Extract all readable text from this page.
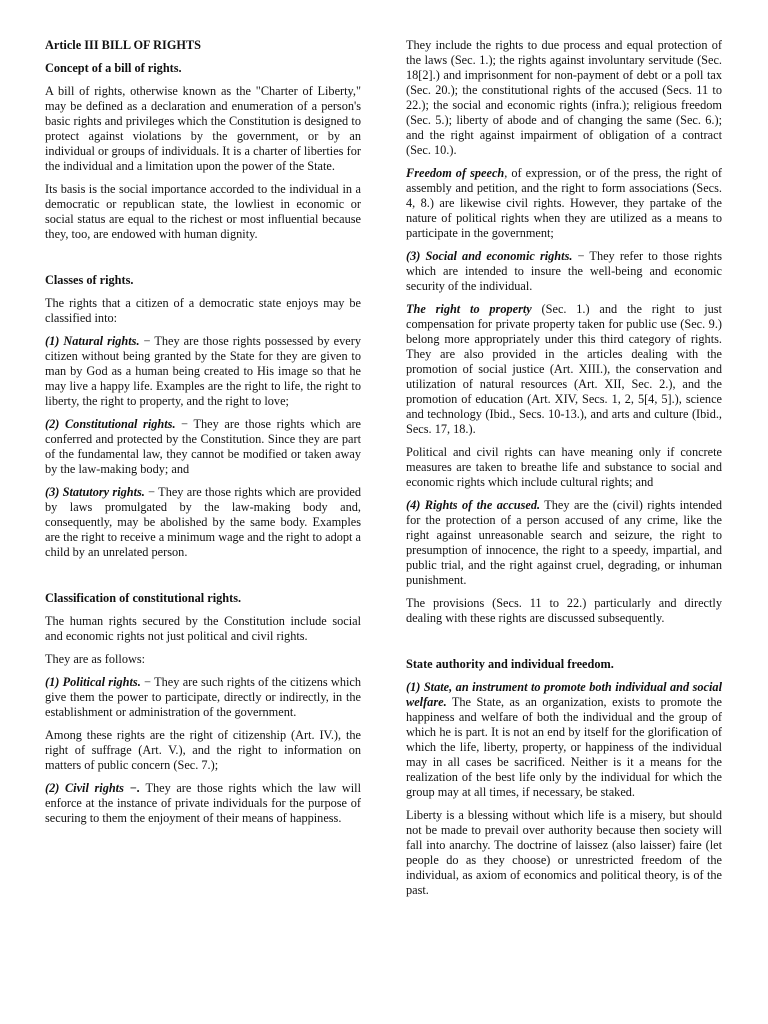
Article III BILL OF RIGHTS
Concept of a bill of rights.

A bill of rights, otherwise known as the "Charter of Liberty," may be defined as a declaration and enumeration of a person's basic rights and privileges which the Constitution is designed to protect against violations by the government, or by an individual or groups of individuals. It is a charter of liberties for the individual and a limitation upon the power of the State.

Its basis is the social importance accorded to the individual in a democratic or republican state, the lowliest in economic or social status are equal to the richest or most influential because they, too, are endowed with human dignity.

Classes of rights.

The rights that a citizen of a democratic state enjoys may be classified into:

(1) Natural rights. − They are those rights possessed by every citizen without being granted by the State for they are given to man by God as a human being created to His image so that he may live a happy life. Examples are the right to life, the right to liberty, the right to property, and the right to love;

(2) Constitutional rights. − They are those rights which are conferred and protected by the Constitution. Since they are part of the fundamental law, they cannot be modified or taken away by the law-making body; and

(3) Statutory rights. − They are those rights which are provided by laws promulgated by the law-making body and, consequently, may be abolished by the same body. Examples are the right to receive a minimum wage and the right to adopt a child by an unrelated person.

Classification of constitutional rights.

The human rights secured by the Constitution include social and economic rights not just political and civil rights.

They are as follows:

(1) Political rights. − They are such rights of the citizens which give them the power to participate, directly or indirectly, in the establishment or administration of the government.

Among these rights are the right of citizenship (Art. IV.), the right of suffrage (Art. V.), and the right to information on matters of public concern (Sec. 7.);

(2) Civil rights −. They are those rights which the law will enforce at the instance of private individuals for the purpose of securing to them the enjoyment of their means of happiness.

They include the rights to due process and equal protection of the laws (Sec. 1.); the rights against involuntary servitude (Sec. 18[2].) and imprisonment for non-payment of debt or a poll tax (Sec. 20.); the constitutional rights of the accused (Secs. 11 to 22.); the social and economic rights (infra.); religious freedom (Sec. 5.); liberty of abode and of changing the same (Sec. 6.); and the right against impairment of obligation of a contract (Sec. 10.).

Freedom of speech, of expression, or of the press, the right of assembly and petition, and the right to form associations (Secs. 4, 8.) are likewise civil rights. However, they partake of the nature of political rights when they are utilized as a means to participate in the government;

(3) Social and economic rights. − They refer to those rights which are intended to insure the well-being and economic security of the individual.

The right to property (Sec. 1.) and the right to just compensation for private property taken for public use (Sec. 9.) belong more appropriately under this third category of rights. They are also provided in the articles dealing with the promotion of social justice (Art. XIII.), the conservation and utilization of natural resources (Art. XII, Sec. 2.), and the promotion of education (Art. XIV, Secs. 1, 2, 5[4, 5].), science and technology (Ibid., Secs. 10-13.), and arts and culture (Ibid., Secs. 17, 18.).

Political and civil rights can have meaning only if concrete measures are taken to breathe life and substance to social and economic rights which include cultural rights; and

(4) Rights of the accused. They are the (civil) rights intended for the protection of a person accused of any crime, like the right against unreasonable search and seizure, the right to presumption of innocence, the right to a speedy, impartial, and public trial, and the right against cruel, degrading, or inhuman punishment.

The provisions (Secs. 11 to 22.) particularly and directly dealing with these rights are discussed subsequently.

State authority and individual freedom.

(1) State, an instrument to promote both individual and social welfare. The State, as an organization, exists to promote the happiness and welfare of both the individual and the group of which he is part. It is not an end by itself for the glorification of which the life, liberty, property, or happiness of the individual may in all cases be sacrificed. Neither is it a means for the realization of the best life only by the individual for which the group may at all times, if necessary, be staked.

Liberty is a blessing without which life is a misery, but should not be made to prevail over authority because then society will fall into anarchy. The doctrine of laissez (also laisser) faire (let people do as they choose) or unrestricted freedom of the individual, as axiom of economics and political theory, is of the past.
